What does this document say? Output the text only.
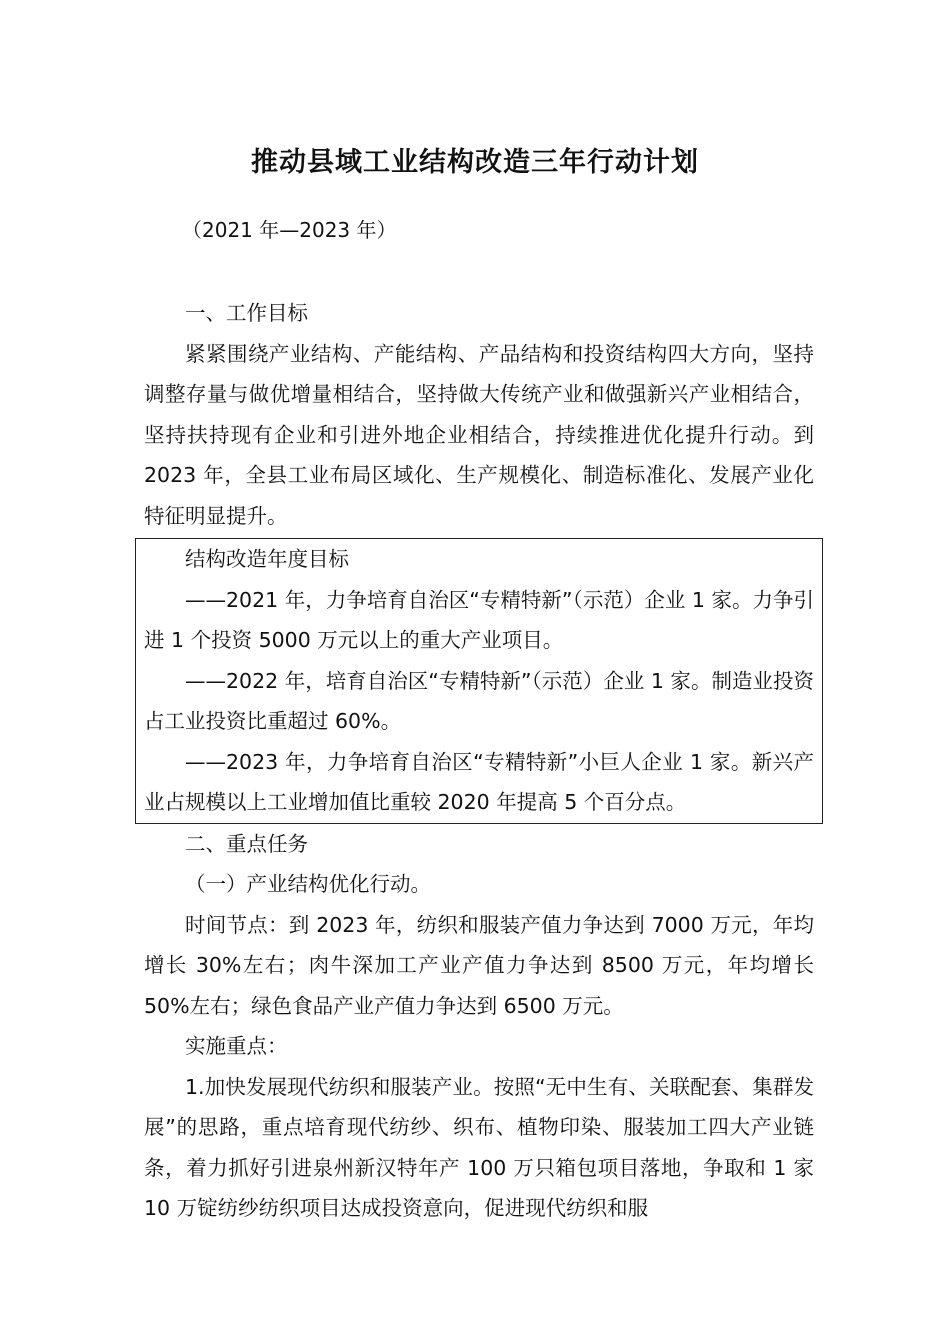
推动县域工业结构改造三年行动计划
（2021 年—2023 年）

一、工作目标

紧紧围绕产业结构、产能结构、产品结构和投资结构四大方向，坚持调整存量与做优增量相结合，坚持做大传统产业和做强新兴产业相结合，坚持扶持现有企业和引进外地企业相结合，持续推进优化提升行动。到 2023 年，全县工业布局区域化、生产规模化、制造标准化、发展产业化特征明显提升。

结构改造年度目标

——2021 年，力争培育自治区“专精特新”（示范）企业 1 家。力争引进 1 个投资 5000 万元以上的重大产业项目。

——2022 年，培育自治区“专精特新”（示范）企业 1 家。制造业投资占工业投资比重超过 60%。

——2023 年，力争培育自治区“专精特新”小巨人企业 1 家。新兴产业占规模以上工业增加值比重较 2020 年提高 5 个百分点。

二、重点任务

（一）产业结构优化行动。

时间节点：到 2023 年，纺织和服装产值力争达到 7000 万元，年均增长 30%左右；肉牛深加工产业产值力争达到 8500 万元，年均增长 50%左右；绿色食品产业产值力争达到 6500 万元。

实施重点：

1.加快发展现代纺织和服装产业。按照“无中生有、关联配套、集群发展”的思路，重点培育现代纺纱、织布、植物印染、服装加工四大产业链条，着力抓好引进泉州新汉特年产 100 万只箱包项目落地，争取和 1 家 10 万锭纺纱纺织项目达成投资意向，促进现代纺织和服
